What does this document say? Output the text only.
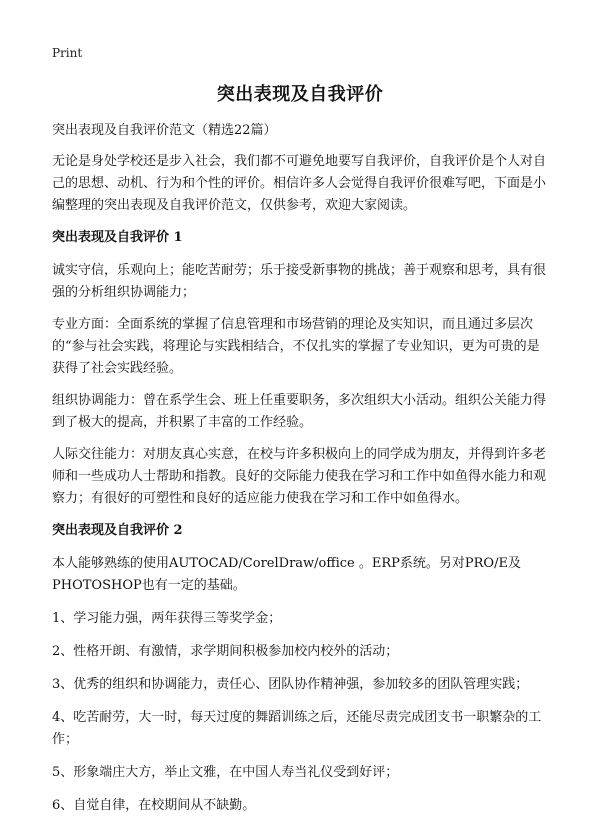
Print
突出表现及自我评价

突出表现及自我评价范文（精选22篇）

无论是身处学校还是步入社会，我们都不可避免地要写自我评价，自我评价是个人对自己的思想、动机、行为和个性的评价。相信许多人会觉得自我评价很难写吧，下面是小编整理的突出表现及自我评价范文，仅供参考，欢迎大家阅读。

突出表现及自我评价 1

诚实守信，乐观向上；能吃苦耐劳；乐于接受新事物的挑战；善于观察和思考，具有很强的分析组织协调能力；

专业方面：全面系统的掌握了信息管理和市场营销的理论及实知识，而且通过多层次的“参与社会实践，将理论与实践相结合，不仅扎实的掌握了专业知识，更为可贵的是获得了社会实践经验。

组织协调能力：曾在系学生会、班上任重要职务，多次组织大小活动。组织公关能力得到了极大的提高，并积累了丰富的工作经验。

人际交往能力：对朋友真心实意，在校与许多积极向上的同学成为朋友，并得到许多老师和一些成功人士帮助和指教。良好的交际能力使我在学习和工作中如鱼得水能力和观察力；有很好的可塑性和良好的适应能力使我在学习和工作中如鱼得水。

突出表现及自我评价 2

本人能够熟练的使用AUTOCAD/CorelDraw/office 。ERP系统。另对PRO/E及PHOTOSHOP也有一定的基础。

1、学习能力强，两年获得三等奖学金；

2、性格开朗、有激情，求学期间积极参加校内校外的活动；

3、优秀的组织和协调能力，责任心、团队协作精神强，参加较多的团队管理实践；

4、吃苦耐劳，大一时，每天过度的舞蹈训练之后，还能尽责完成团支书一职繁杂的工作；

5、形象端庄大方，举止文雅，在中国人寿当礼仪受到好评；

6、自觉自律，在校期间从不缺勤。
